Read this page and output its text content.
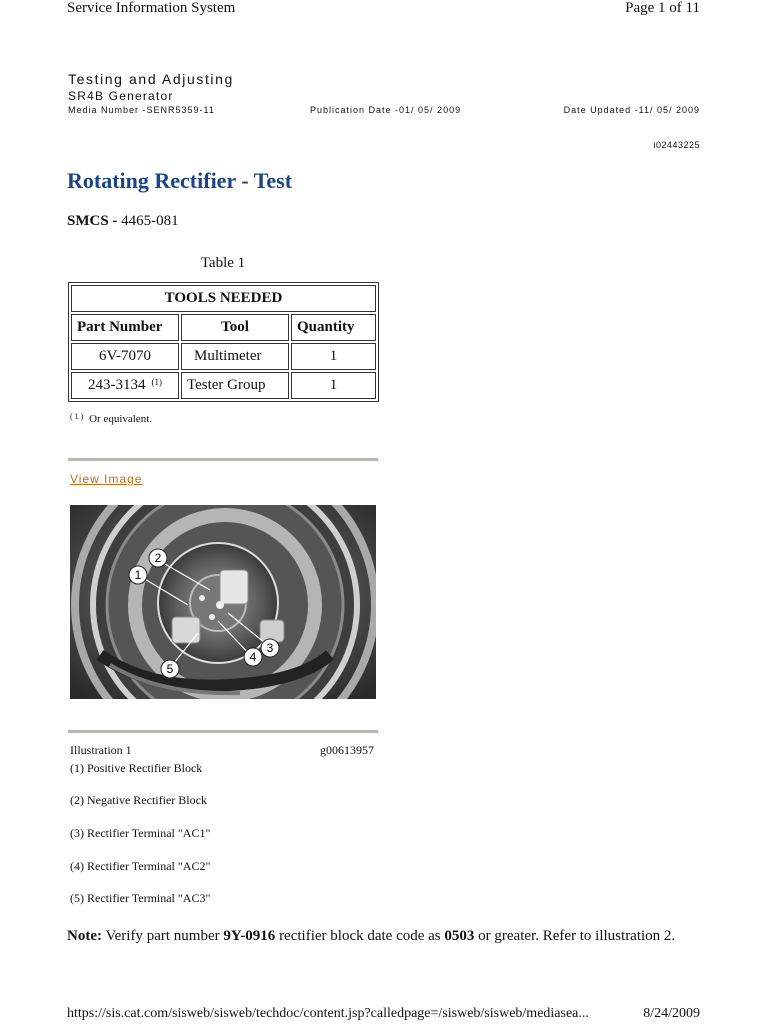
Service Information System	Page 1 of 11
Testing and Adjusting
SR4B Generator
Media Number -SENR5359-11	Publication Date -01/ 05/ 2009	Date Updated -11/ 05/ 2009
i02443225
Rotating Rectifier - Test
SMCS - 4465-081
Table 1
TOOLS NEEDED		
Part Number	Tool	Quantity
6V-7070	Multimeter	1
243-3134 $^{(1)}$	Tester Group	1
$^{( 1 )}$ Or equivalent.
View Image
1
2
3
4
5
Illustration 1	g00613957
(1) Positive Rectifier Block
(2) Negative Rectifier Block
(3) Rectifier Terminal "AC1"
(4) Rectifier Terminal "AC2"
(5) Rectifier Terminal "AC3"
Note: Verify part number 9Y-0916 rectifier block date code as 0503 or greater. Refer to illustration 2.
https://sis.cat.com/sisweb/sisweb/techdoc/content.jsp?calledpage=/sisweb/sisweb/mediasea...	8/24/2009
